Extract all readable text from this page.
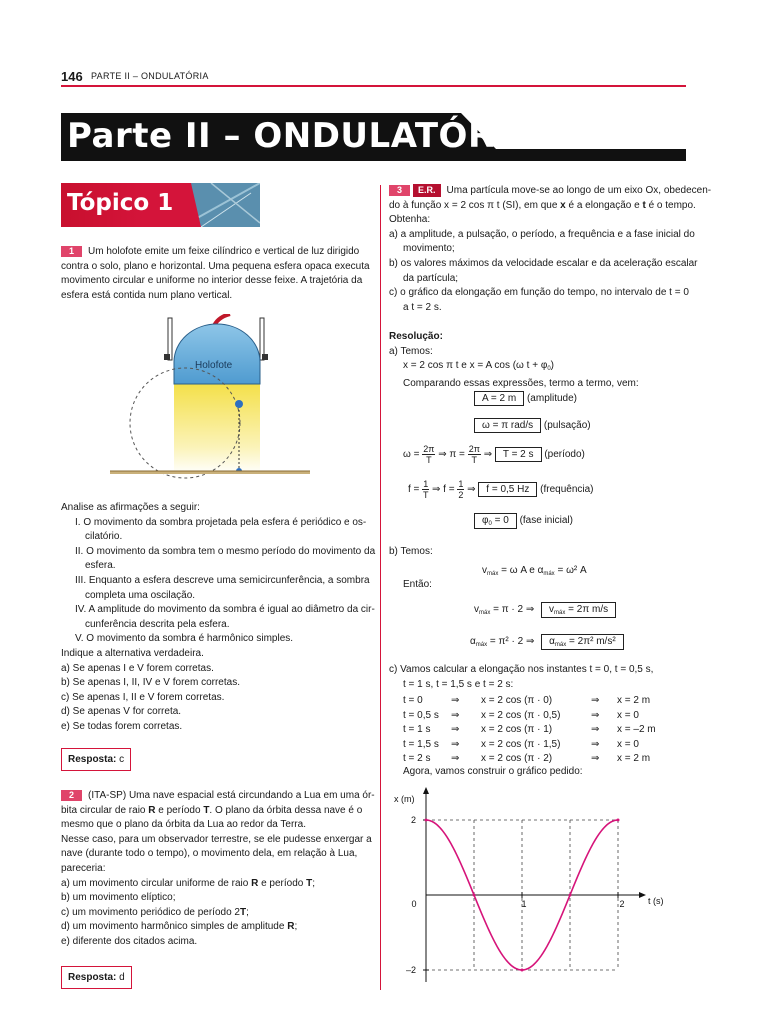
146 PARTE II – ONDULATÓRIA
Parte II – ONDULATÓRIA
Tópico 1
1 Um holofote emite um feixe cilíndrico e vertical de luz dirigido
contra o solo, plano e horizontal. Uma pequena esfera opaca executa
movimento circular e uniforme no interior desse feixe. A trajetória da
esfera está contida num plano vertical.
Holofote
Analise as afirmações a seguir:
I. O movimento da sombra projetada pela esfera é periódico e os-
cilatório.
II. O movimento da sombra tem o mesmo período do movimento da
esfera.
III. Enquanto a esfera descreve uma semicircunferência, a sombra
completa uma oscilação.
IV. A amplitude do movimento da sombra é igual ao diâmetro da cir-
cunferência descrita pela esfera.
V. O movimento da sombra é harmônico simples.
Indique a alternativa verdadeira.
a) Se apenas I e V forem corretas.
b) Se apenas I, II, IV e V forem corretas.
c) Se apenas I, II e V forem corretas.
d) Se apenas V for correta.
e) Se todas forem corretas.
Resposta: c
2 (ITA-SP) Uma nave espacial está circundando a Lua em uma ór-
bita circular de raio R e período T. O plano da órbita dessa nave é o
mesmo que o plano da órbita da Lua ao redor da Terra.
Nesse caso, para um observador terrestre, se ele pudesse enxergar a
nave (durante todo o tempo), o movimento dela, em relação à Lua,
pareceria:
a) um movimento circular uniforme de raio R e período T;
b) um movimento elíptico;
c) um movimento periódico de período 2T;
d) um movimento harmônico simples de amplitude R;
e) diferente dos citados acima.
Resposta: d
3 E.R. Uma partícula move-se ao longo de um eixo Ox, obedecen-
do à função x = 2 cos π t (SI), em que x é a elongação e t é o tempo.
Obtenha:
a) a amplitude, a pulsação, o período, a frequência e a fase inicial do
movimento;
b) os valores máximos da velocidade escalar e da aceleração escalar
da partícula;
c) o gráfico da elongação em função do tempo, no intervalo de t = 0
a t = 2 s.
Resolução:
a) Temos:
x = 2 cos π t e x = A cos (ω $t + \varphi_0$)
Comparando essas expressões, termo a termo, vem:
A = 2 m (amplitude)
ω = π rad/s (pulsação)
$\omega = \frac{2\pi}{T}$ ⇒ $\pi = \frac{2\pi}{T}$ ⇒ T = 2 s (período)
$f = \frac{1}{T}$ ⇒ $f = \frac{1}{2}$ ⇒ f = 0,5 Hz (frequência)
$\varphi_0 = 0$ (fase inicial)
b) Temos:
$v_{máx} = \omega$ A e $\alpha_{máx} = \omega^2$ A
Então:
$v_{máx} = \pi \cdot 2$ ⇒ $v_{máx} = 2\pi$ m/s
$\alpha_{máx} = \pi^2 \cdot 2$ ⇒ $\alpha_{máx} = 2\pi^2$ m/s²
c) Vamos calcular a elongação nos instantes t = 0, t = 0,5 s,
t = 1 s, t = 1,5 s e t = 2 s:
t = 0	⇒	x = 2 cos (π · 0)	⇒	x = 2 m
t = 0,5 s	⇒	x = 2 cos (π · 0,5)	⇒	x = 0
t = 1 s	⇒	x = 2 cos (π · 1)	⇒	x = –2 m
t = 1,5 s	⇒	x = 2 cos (π · 1,5)	⇒	x = 0
t = 2 s	⇒	x = 2 cos (π · 2)	⇒	x = 2 m
Agora, vamos construir o gráfico pedido:
x (m)
t (s)
0	1	2
2
–2
